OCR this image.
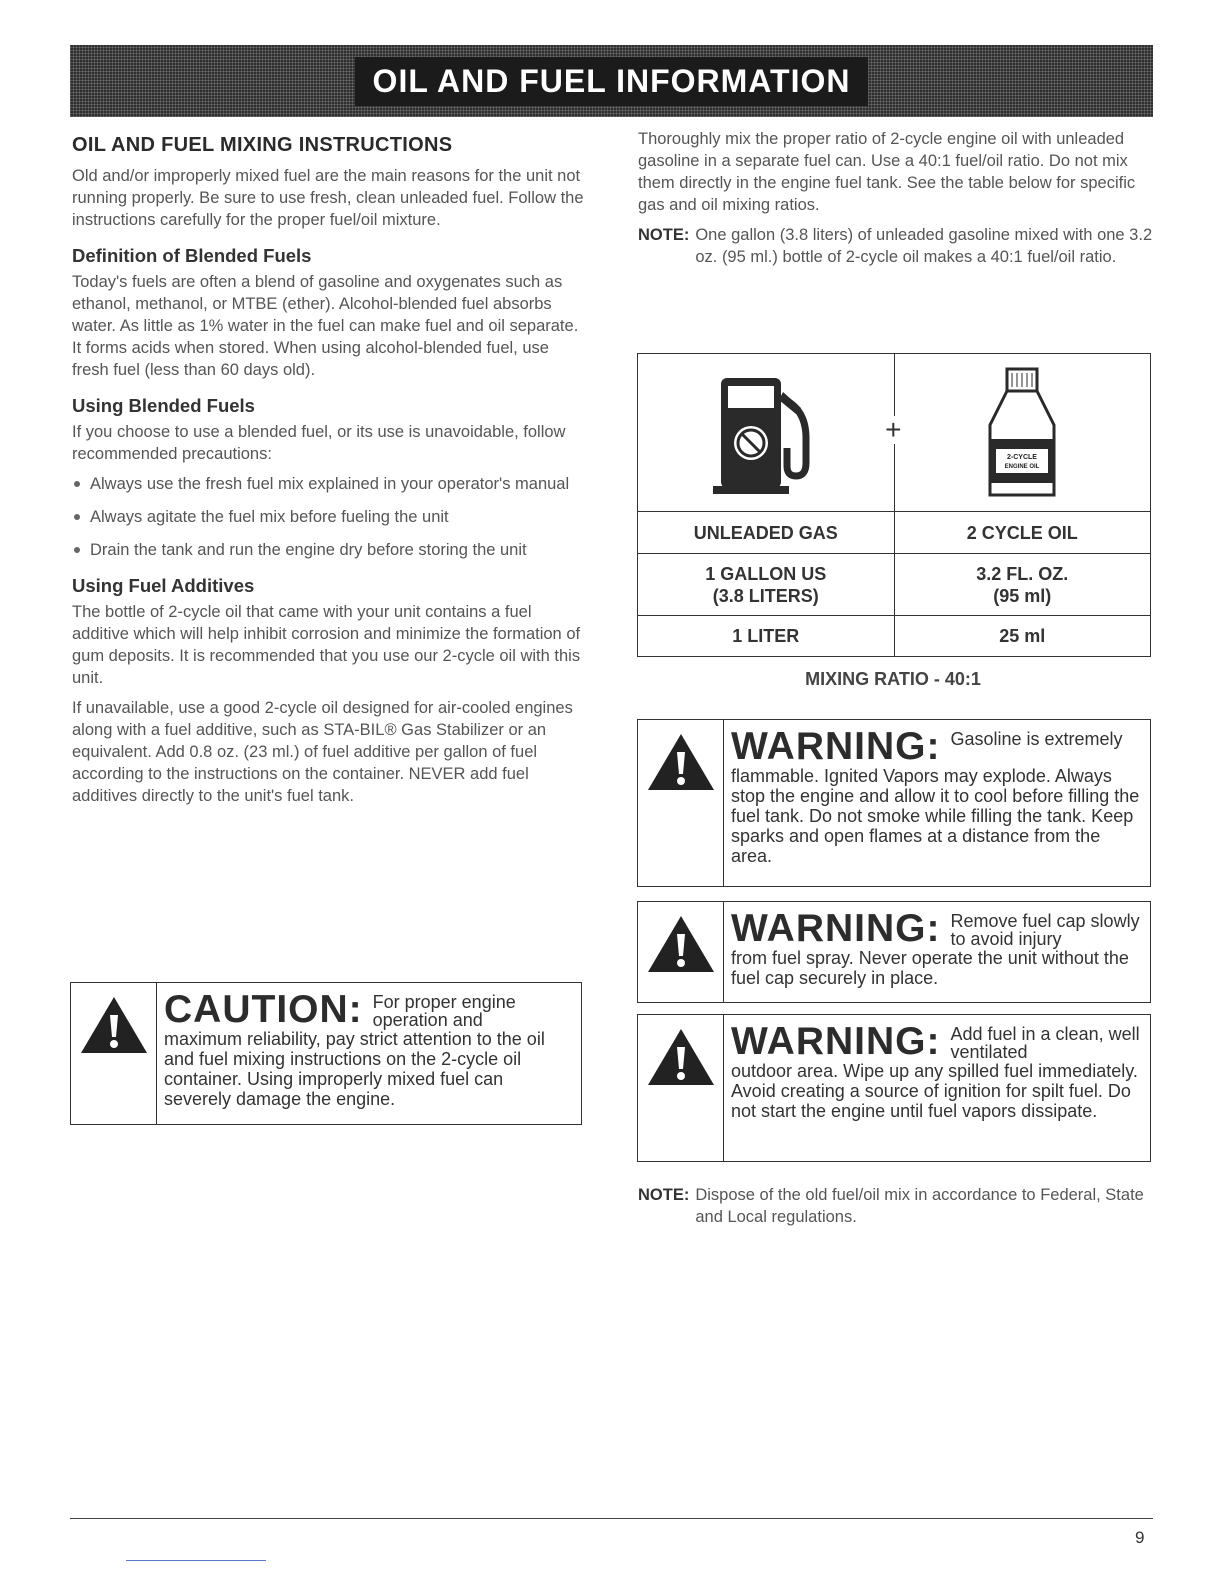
OIL AND FUEL INFORMATION
OIL AND FUEL MIXING INSTRUCTIONS

Old and/or improperly mixed fuel are the main reasons for the unit not running properly. Be sure to use fresh, clean unleaded fuel. Follow the instructions carefully for the proper fuel/oil mixture.

Definition of Blended Fuels

Today's fuels are often a blend of gasoline and oxygenates such as ethanol, methanol, or MTBE (ether). Alcohol-blended fuel absorbs water. As little as 1% water in the fuel can make fuel and oil separate. It forms acids when stored. When using alcohol-blended fuel, use fresh fuel (less than 60 days old).

Using Blended Fuels

If you choose to use a blended fuel, or its use is unavoidable, follow recommended precautions:

Always use the fresh fuel mix explained in your operator's manual
Always agitate the fuel mix before fueling the unit
Drain the tank and run the engine dry before storing the unit
Using Fuel Additives

The bottle of 2-cycle oil that came with your unit contains a fuel additive which will help inhibit corrosion and minimize the formation of gum deposits. It is recommended that you use our 2-cycle oil with this unit.

If unavailable, use a good 2-cycle oil designed for air-cooled engines along with a fuel additive, such as STA-BIL® Gas Stabilizer or an equivalent. Add 0.8 oz. (23 ml.) of fuel additive per gallon of fuel according to the instructions on the container. NEVER add fuel additives directly to the unit's fuel tank.

CAUTION: For proper engine operation and
maximum reliability, pay strict attention to the oil and fuel mixing instructions on the 2-cycle oil container. Using improperly mixed fuel can severely damage the engine.

Thoroughly mix the proper ratio of 2-cycle engine oil with unleaded gasoline in a separate fuel can. Use a 40:1 fuel/oil ratio. Do not mix them directly in the engine fuel tank. See the table below for specific gas and oil mixing ratios.

NOTE: One gallon (3.8 liters) of unleaded gasoline mixed with one 3.2 oz. (95 ml.) bottle of 2-cycle oil makes a 40:1 fuel/oil ratio.
+
2-CYCLE
ENGINE OIL
UNLEADED GAS	2 CYCLE OIL
1 GALLON US
(3.8 LITERS)
3.2 FL. OZ.
(95 ml)
1 LITER	25 ml
MIXING RATIO - 40:1
WARNING: Gasoline is extremely
flammable. Ignited Vapors may explode. Always stop the engine and allow it to cool before filling the fuel tank. Do not smoke while filling the tank. Keep sparks and open flames at a distance from the area.
WARNING: Remove fuel cap slowly to avoid injury
from fuel spray. Never operate the unit without the fuel cap securely in place.
WARNING: Add fuel in a clean, well ventilated
outdoor area. Wipe up any spilled fuel immediately. Avoid creating a source of ignition for spilt fuel. Do not start the engine until fuel vapors dissipate.
NOTE: Dispose of the old fuel/oil mix in accordance to Federal, State and Local regulations.
9
